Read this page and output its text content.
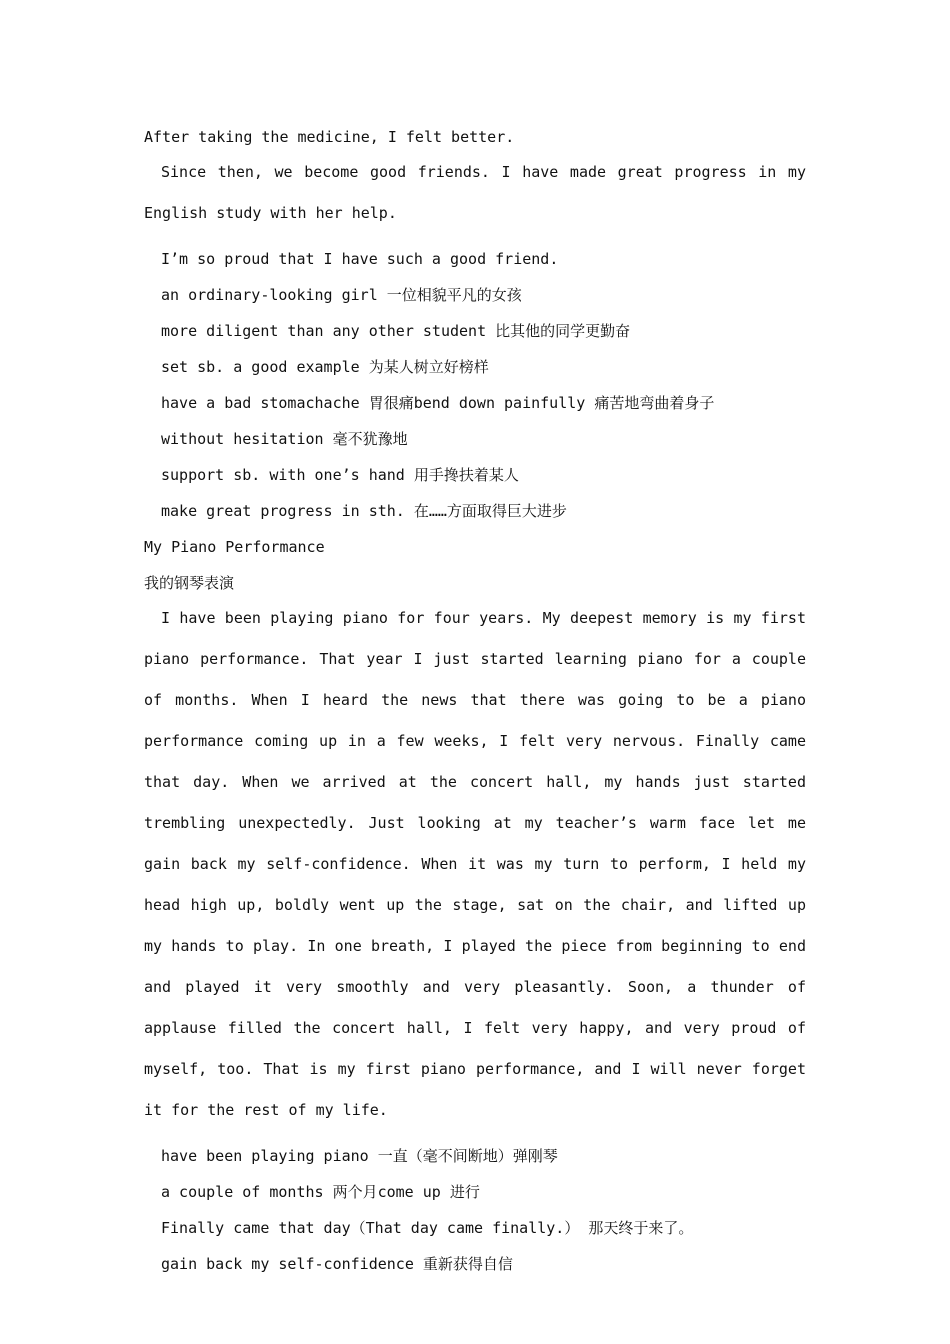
After taking the medicine, I felt better.

Since then, we become good friends. I have made great progress in my English study with her help.

I’m so proud that I have such a good friend.

an ordinary-looking girl 一位相貌平凡的女孩

more diligent than any other student 比其他的同学更勤奋

set sb. a good example 为某人树立好榜样

have a bad stomachache 胃很痛bend down painfully 痛苦地弯曲着身子

without hesitation 毫不犹豫地

support sb. with one’s hand 用手搀扶着某人

make great progress in sth. 在……方面取得巨大进步

My Piano Performance

我的钢琴表演

I have been playing piano for four years. My deepest memory is my first piano performance. That year I just started learning piano for a couple of months. When I heard the news that there was going to be a piano performance coming up in a few weeks, I felt very nervous. Finally came that day. When we arrived at the concert hall, my hands just started trembling unexpectedly. Just looking at my teacher’s warm face let me gain back my self-confidence. When it was my turn to perform, I held my head high up, boldly went up the stage, sat on the chair, and lifted up my hands to play. In one breath, I played the piece from beginning to end and played it very smoothly and very pleasantly. Soon, a thunder of applause filled the concert hall, I felt very happy, and very proud of myself, too. That is my first piano performance, and I will never forget it for the rest of my life.

have been playing piano 一直（毫不间断地）弹刚琴

a couple of months 两个月come up 进行

Finally came that day（That day came finally.） 那天终于来了。

gain back my self-confidence 重新获得自信
